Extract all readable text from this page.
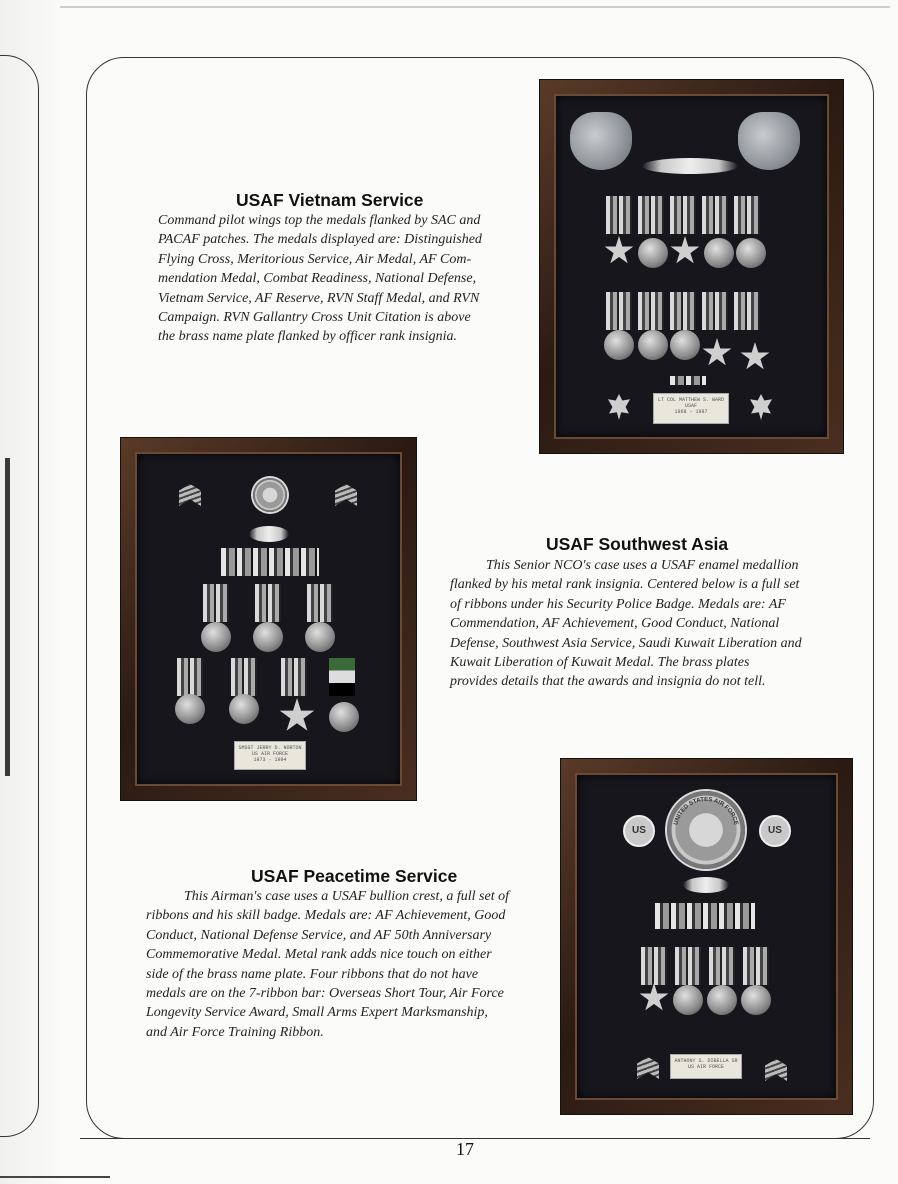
USAF Vietnam Service
Command pilot wings top the medals flanked by SAC and
PACAF patches. The medals displayed are: Distinguished
Flying Cross, Meritorious Service, Air Medal, AF Com-
mendation Medal, Combat Readiness, National Defense,
Vietnam Service, AF Reserve, RVN Staff Medal, and RVN
Campaign. RVN Gallantry Cross Unit Citation is above
the brass name plate flanked by officer rank insignia.
LT COL MATTHEW S. WARD
USAF
1968 - 1997
SMSGT JERRY D. NORTON
US AIR FORCE
1973 - 1994
USAF Southwest Asia
This Senior NCO's case uses a USAF enamel medallion
flanked by his metal rank insignia. Centered below is a full set
of ribbons under his Security Police Badge. Medals are: AF
Commendation, AF Achievement, Good Conduct, National
Defense, Southwest Asia Service, Saudi Kuwait Liberation and
Kuwait Liberation of Kuwait Medal. The brass plates
provides details that the awards and insignia do not tell.
USAF Peacetime Service
This Airman's case uses a USAF bullion crest, a full set of
ribbons and his skill badge. Medals are: AF Achievement, Good
Conduct, National Defense Service, and AF 50th Anniversary
Commemorative Medal. Metal rank adds nice touch on either
side of the brass name plate. Four ribbons that do not have
medals are on the 7-ribbon bar: Overseas Short Tour, Air Force
Longevity Service Award, Small Arms Expert Marksmanship,
and Air Force Training Ribbon.
US
UNITED STATES AIR FORCE
US
ANTHONY S. DIBELLA SR
US AIR FORCE
17
